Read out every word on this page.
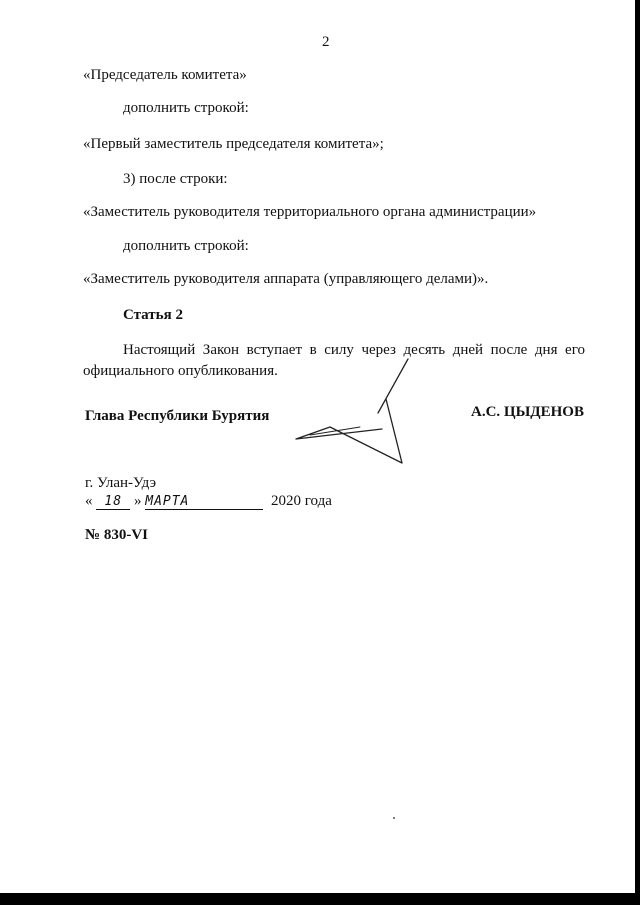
2
«Председатель комитета»
дополнить строкой:
«Первый заместитель председателя комитета»;
3) после строки:
«Заместитель руководителя территориального органа администрации»
дополнить строкой:
«Заместитель руководителя аппарата (управляющего делами)».
Статья 2
Настоящий Закон вступает в силу через десять дней после дня его официального опубликования.
Глава Республики Бурятия	А.С. ЦЫДЕНОВ
г. Улан-Удэ
« 18 » МАРТА	2020 года
№ 830-VI
